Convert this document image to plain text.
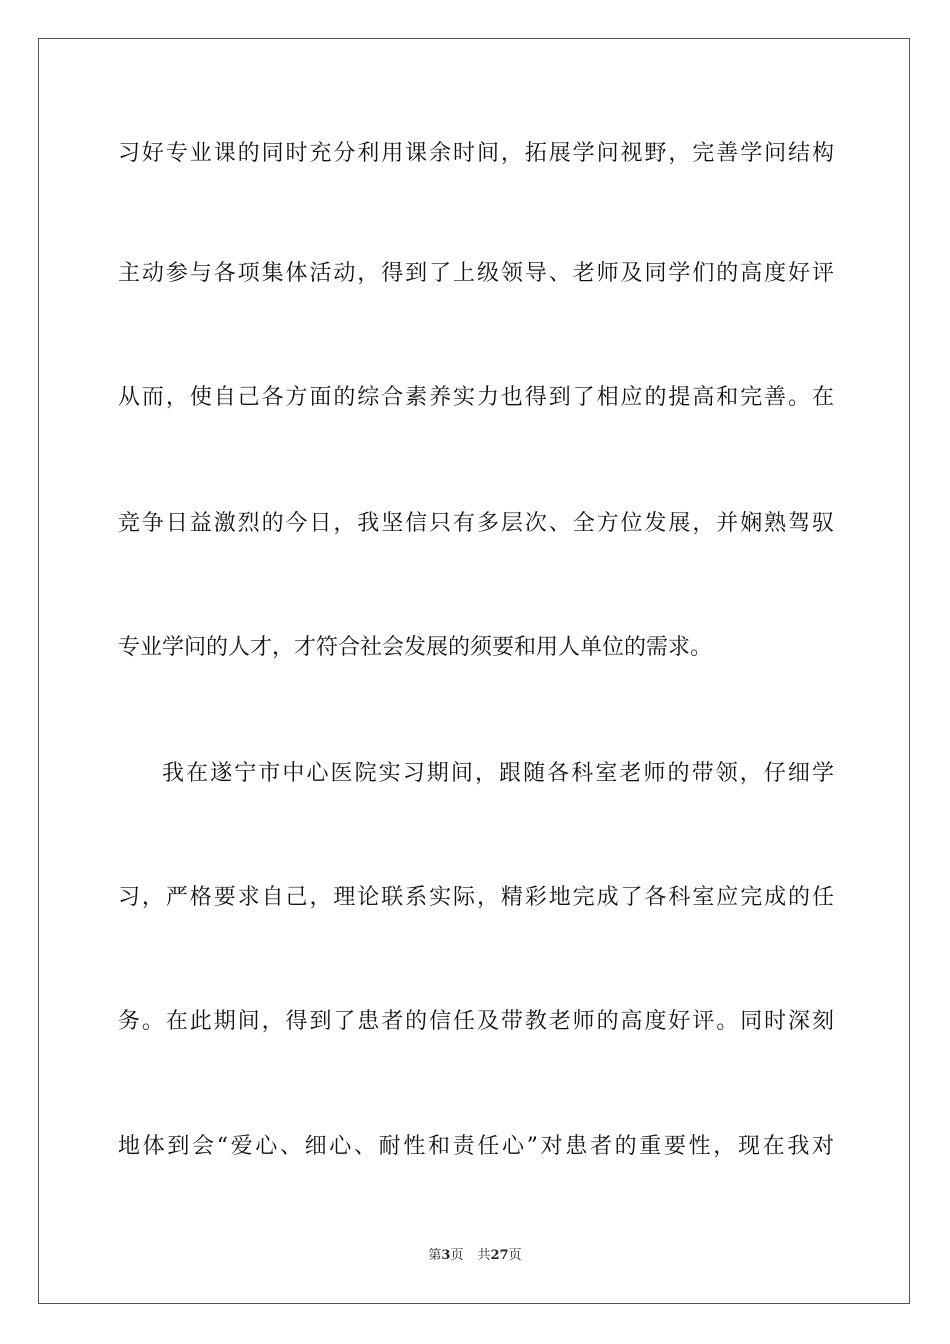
习好专业课的同时充分利用课余时间，拓展学问视野，完善学问结构
主动参与各项集体活动，得到了上级领导、老师及同学们的高度好评
从而，使自己各方面的综合素养实力也得到了相应的提高和完善。在
竞争日益激烈的今日，我坚信只有多层次、全方位发展，并娴熟驾驭
专业学问的人才，才符合社会发展的须要和用人单位的需求。
我在遂宁市中心医院实习期间，跟随各科室老师的带领，仔细学
习，严格要求自己，理论联系实际，精彩地完成了各科室应完成的任
务。在此期间，得到了患者的信任及带教老师的高度好评。同时深刻
地体到会“爱心、细心、耐性和责任心”对患者的重要性，现在我对
第3页 共27页
